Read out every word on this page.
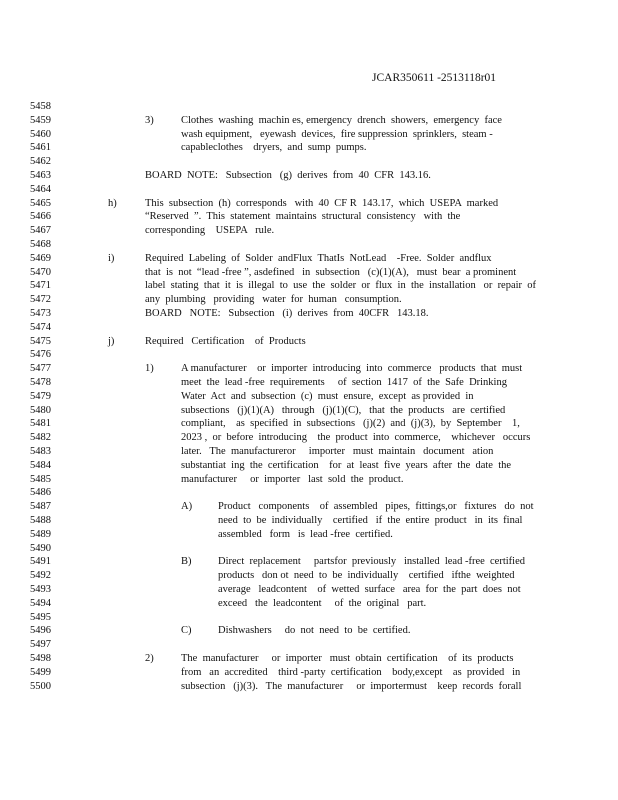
JCAR350611 -2513118r01
5458
5459	3)	Clothes  washing  machin es, emergency  drench  showers,  emergency  face
5460	wash equipment,   eyewash  devices,  fire suppression  sprinklers,  steam -
5461	capableclothes    dryers,  and  sump  pumps.
5462
5463	BOARD  NOTE:   Subsection   (g)  derives  from  40  CFR  143.16.
5464
5465	h)	This  subsection  (h)  corresponds   with  40  CF R  143.17,  which  USEPA  marked
5466	“Reserved  ”.  This  statement  maintains  structural  consistency   with  the
5467	corresponding    USEPA   rule.
5468
5469	i)	Required  Labeling  of  Solder  andFlux  ThatIs  NotLead    -Free.  Solder  andflux
5470	that  is  not  “lead -free ”, asdefined   in  subsection   (c)(1)(A),   must  bear  a prominent
5471	label  stating  that  it  is  illegal  to  use  the  solder  or  flux  in  the  installation   or  repair  of
5472	any  plumbing   providing   water  for  human   consumption.
5473	BOARD   NOTE:   Subsection   (i)  derives  from  40CFR   143.18.
5474
5475	j)	Required   Certification    of  Products
5476
5477	1)	A manufacturer    or  importer  introducing  into  commerce   products  that  must
5478	meet  the  lead -free  requirements     of  section  1417  of  the  Safe  Drinking
5479	Water  Act  and  subsection  (c)  must  ensure,  except  as provided  in
5480	subsections   (j)(1)(A)   through   (j)(1)(C),   that  the  products   are  certified
5481	compliant,    as  specified  in  subsections   (j)(2)  and  (j)(3),  by  September    1,
5482	2023 ,  or  before  introducing    the  product  into  commerce,    whichever   occurs
5483	later.   The  manufactureror     importer   must  maintain   document   ation
5484	substantiat  ing  the  certification    for  at  least  five  years  after  the  date  the
5485	manufacturer     or  importer   last  sold  the  product.
5486
5487	A) Product   components    of  assembled   pipes,  fittings,or   fixtures   do  not
5488	need  to  be  individually    certified   if  the  entire  product   in  its  final
5489	assembled   form   is  lead -free  certified.
5490
5491	B)	Direct  replacement     partsfor  previously   installed  lead -free  certified
5492	products   don ot  need  to  be  individually    certified   ifthe  weighted
5493	average   leadcontent    of  wetted  surface   area  for  the  part  does  not
5494	exceed   the  leadcontent     of  the  original   part.
5495
5496	C)	Dishwashers     do  not  need  to  be  certified.
5497
5498	2)	The  manufacturer     or  importer   must  obtain  certification    of  its  products
5499	from   an  accredited    third -party  certification    body,except    as  provided   in
5500	subsection   (j)(3).   The  manufacturer     or  importermust    keep  records  forall
